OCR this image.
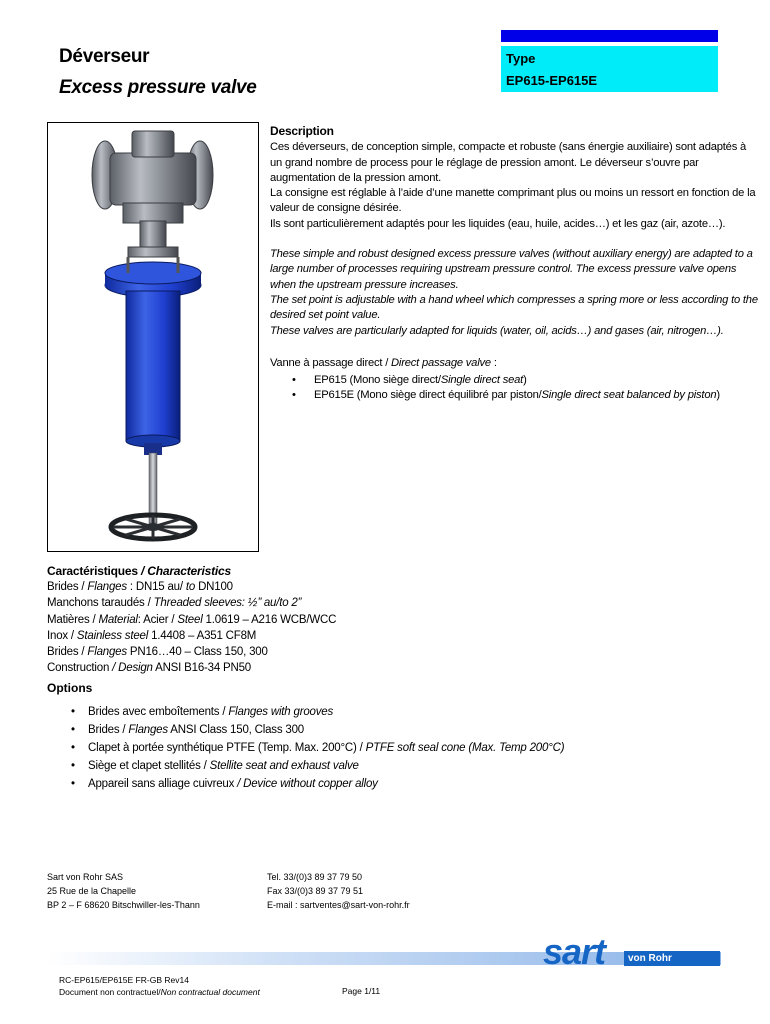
Déverseur
Excess pressure valve
Type
EP615-EP615E
Description

Ces déverseurs, de conception simple, compacte et robuste (sans énergie auxiliaire) sont adaptés à un grand nombre de process pour le réglage de pression amont. Le déverseur s’ouvre par augmentation de la pression amont.

La consigne est réglable à l’aide d’une manette comprimant plus ou moins un ressort en fonction de la valeur de consigne désirée.

Ils sont particulièrement adaptés pour les liquides (eau, huile, acides…) et les gaz (air, azote…).

These simple and robust designed excess pressure valves (without auxiliary energy) are adapted to a large number of processes requiring upstream pressure control. The excess pressure valve opens when the upstream pressure increases.

The set point is adjustable with a hand wheel which compresses a spring more or less according to the desired set point value.

These valves are particularly adapted for liquids (water, oil, acids…) and gases (air, nitrogen…).

Vanne à passage direct / Direct passage valve :
• EP615 (Mono siège direct/Single direct seat)
• EP615E (Mono siège direct équilibré par piston/Single direct seat balanced by piston)
Caractéristiques / Characteristics
Brides / Flanges : DN15 au/ to DN100
Manchons taraudés / Threaded sleeves: ½’’ au/to 2”
Matières / Material: Acier / Steel 1.0619 – A216 WCB/WCC
Inox / Stainless steel 1.4408 – A351 CF8M
Brides / Flanges PN16…40 – Class 150, 300
Construction / Design ANSI B16-34 PN50
Options
• Brides avec emboîtements / Flanges with grooves
• Brides / Flanges ANSI Class 150, Class 300
• Clapet à portée synthétique PTFE (Temp. Max. 200°C) / PTFE soft seal cone (Max. Temp 200°C)
• Siège et clapet stellités / Stellite seat and exhaust valve
• Appareil sans alliage cuivreux / Device without copper alloy
Sart von Rohr SAS
25 Rue de la Chapelle
BP 2 – F 68620 Bitschwiller-les-Thann
Tel. 33/(0)3 89 37 79 50
Fax 33/(0)3 89 37 79 51
E-mail : sartventes@sart-von-rohr.fr
sart von Rohr
RC-EP615/EP615E FR-GB Rev14
Document non contractuel/Non contractual document	Page 1/11
